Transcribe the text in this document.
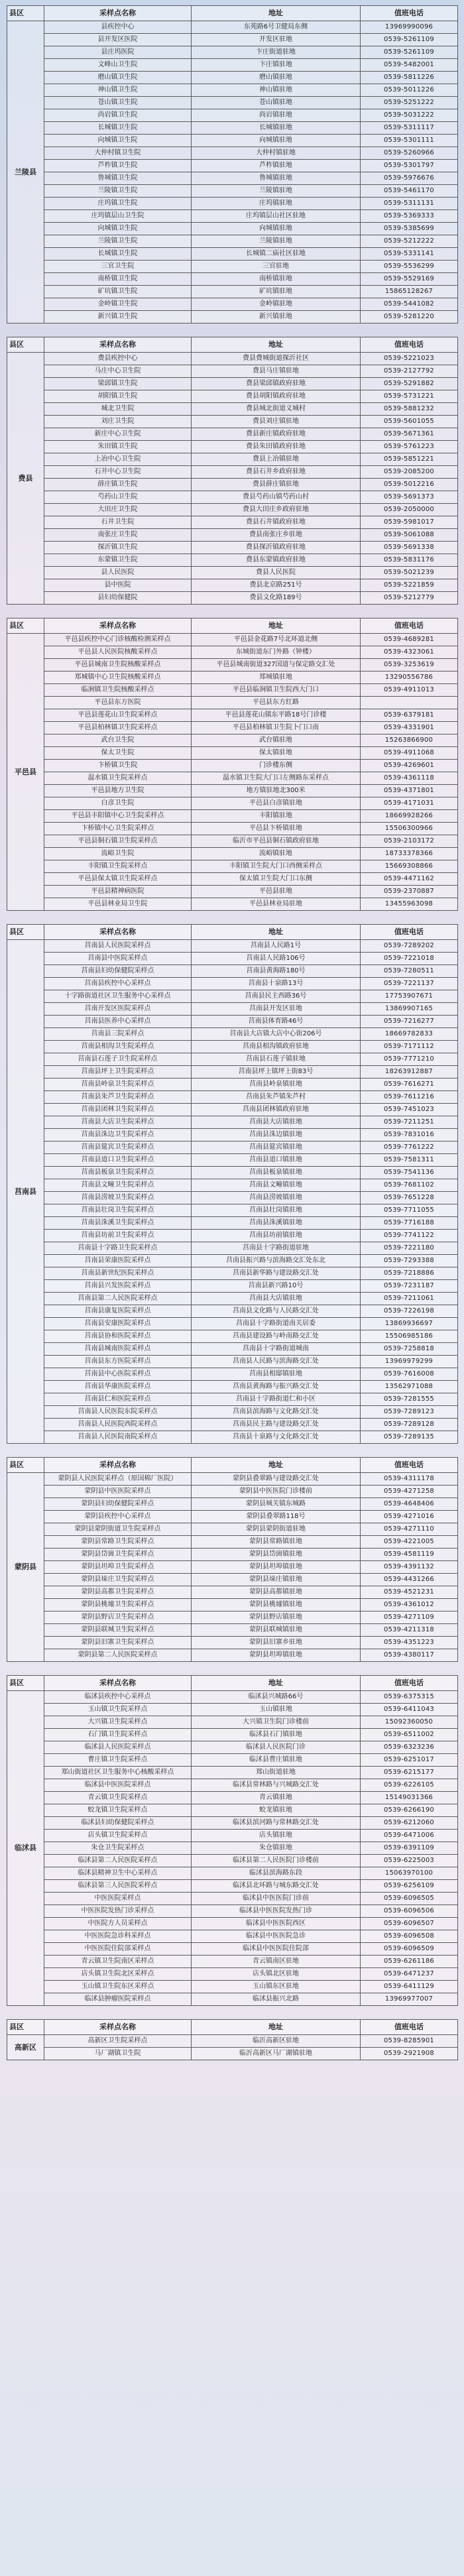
县区	采样点名称	地址	值班电话
兰陵县	县疾控中心	东苑路6号卫健局东侧	13969990096
	县开发区医院	开发区驻地	0539-5261109
	县庄坞医院	卞庄街道驻地	0539-5261109
	文峰山卫生院	卞庄镇驻地	0539-5482001
	磨山镇卫生院	磨山镇驻地	0539-5811226
	神山镇卫生院	神山镇驻地	0539-5011226
	苍山镇卫生院	苍山镇驻地	0539-5251222
	尚岩镇卫生院	尚岩镇驻地	0539-5031222
	长城镇卫生院	长城镇驻地	0539-5311117
	向城镇卫生院	向城镇驻地	0539-5301111
	大仲村镇卫生院	大仲村镇驻地	0539-5260966
	芦柞镇卫生院	芦柞镇驻地	0539-5301797
	鲁城镇卫生院	鲁城镇驻地	0539-5976676
	兰陵镇卫生院	兰陵镇驻地	0539-5461170
	庄坞镇卫生院	庄坞镇驻地	0539-5311131
	庄坞镇层山卫生院	庄坞镇层山社区驻地	0539-5369333
	向城镇卫生院	向城镇驻地	0539-5385699
	兰陵镇卫生院	兰陵镇驻地	0539-5212222
	长城镇卫生院	长城镇二庙社区驻地	0539-5331141
	三官卫生院	三官驻地	0539-5536299
	南桥镇卫生院	南桥镇驻地	0539-5529169
	矿坑镇卫生院	矿坑镇驻地	15865128267
	金岭镇卫生院	金岭镇驻地	0539-5441082
	新兴镇卫生院	新兴镇驻地	0539-5281220
县区	采样点名称	地址	值班电话
费县	费县疾控中心	费县费城街道探沂社区	0539-5221023
	马庄中心卫生院	费县马庄镇驻地	0539-2127792
	梁邱镇卫生院	费县梁邱镇政府驻地	0539-5291882
	胡阳镇卫生院	费县胡阳镇政府驻地	0539-5731221
	城北卫生院	费县城北街道义城村	0539-5881232
	刘庄卫生院	费县刘庄镇驻地	0539-5601055
	新庄中心卫生院	费县新庄镇政府驻地	0539-5671361
	朱田镇卫生院	费县朱田镇政府驻地	0539-5761223
	上冶中心卫生院	费县上冶镇驻地	0539-5851221
	石井中心卫生院	费县石井乡政府驻地	0539-2085200
	薛庄镇卫生院	费县薛庄镇驻地	0539-5012216
	芍药山卫生院	费县芍药山镇芍药山村	0539-5691373
	大田庄卫生院	费县大田庄乡政府驻地	0539-2050000
	石井卫生院	费县石井镇政府驻地	0539-5981017
	南张庄卫生院	费县南张庄乡驻地	0539-5061088
	探沂镇卫生院	费县探沂镇政府驻地	0539-5691338
	东蒙镇卫生院	费县东蒙镇政府驻地	0539-5831176
	县人民医院	费县人民医院	0539-5021239
	县中医院	费县北京路251号	0539-5221859
	县妇幼保健院	费县文化路189号	0539-5212779
县区	采样点名称	地址	值班电话
平邑县	平邑县疾控中心门诊核酸检测采样点	平邑县金花路7号北环道北侧	0539-4689281
	平邑县人民医院核酸采样点	东城街道东门外路（钟楼）	0539-4323061
	平邑县城南卫生院核酸采样点	平邑县城南街道327国道与保定路交汇处	0539-3253619
	郑城镇中心卫生院核酸采样点	郑城镇驻地	13290556786
	临涧镇卫生院核酸采样点	平邑县临涧镇卫生院西大门口	0539-4911013
	平邑县东方医院	平邑县东方红路	
	平邑县莲花山卫生院采样点	平邑县莲花山镇东平路18号门诊楼	0539-6379181
	平邑县柏林镇卫生院采样点	平邑县柏林镇卫生院卜门口南	0539-4331901
	武台卫生院	武台镇驻地	15263866900
	保太卫生院	保太镇驻地	0539-4911068
	卞桥镇卫生院	门诊楼东侧	0539-4269601
	温水镇卫生院采样点	温水镇卫生院大门口左侧路东采样点	0539-4361118
	平邑县地方卫生院	地方镇驻地北300米	0539-4371801
	白彦卫生院	平邑县白彦镇驻地	0539-4171031
	平邑县丰阳镇中心卫生院采样点	丰阳镇驻地	18669928266
	卞桥镇中心卫生院采样点	平邑县卞桥镇驻地	15506300966
	平邑县铜石镇卫生院采样点	临沂市平邑县铜石镇政府驻地	0539-2103172
	流峪卫生院	流峪镇驻地	18733378366
	丰阳镇卫生院采样点	丰阳镇卫生院大门口西侧采样点	15669308866
	平邑县保太镇卫生院采样点	保太镇卫生院大门口东侧	0539-4471162
	平邑县精神病医院	平邑县驻地	0539-2370887
	平邑县林业局卫生院	平邑县林业局驻地	13455963098
县区	采样点名称	地址	值班电话
莒南县	莒南县人民医院采样点	莒南县人民路1号	0539-7289202
	莒南县中医院采样点	莒南县人民路106号	0539-7221018
	莒南县妇幼保健院采样点	莒南县黄海路180号	0539-7280511
	莒南县疾控中心采样点	莒南县十泉路13号	0539-7221137
	十字路街道社区卫生服务中心采样点	莒南县民主西路36号	17753907671
	莒南开发区医院采样点	莒南县开发区驻地	13869907165
	莒南县医养中心采样点	莒南县体育路46号	0539-7216277
	莒南县三院采样点	莒南县大店镇大店中心街206号	18669782833
	莒南县相沟卫生院采样点	莒南县相沟镇政府驻地	0539-7171112
	莒南县石莲子卫生院采样点	莒南县石莲子镇驻地	0539-7771210
	莒南县坪上卫生院采样点	莒南县坪上镇坪上街83号	18263912887
	莒南县岭泉卫生院采样点	莒南县岭泉镇驻地	0539-7616271
	莒南县朱芦卫生院采样点	莒南县朱芦镇朱芦村	0539-7611216
	莒南县团林卫生院采样点	莒南县团林镇政府驻地	0539-7451023
	莒南县大店卫生院采样点	莒南县大店镇驻地	0539-7211251
	莒南县洙边卫生院采样点	莒南县洙边镇驻地	0539-7831016
	莒南县筵宾卫生院采样点	莒南县筵宾镇驻地	0539-7761222
	莒南县道口卫生院采样点	莒南县道口镇驻地	0539-7581311
	莒南县板泉卫生院采样点	莒南县板泉镇驻地	0539-7541136
	莒南县文疃卫生院采样点	莒南县文疃镇驻地	0539-7681102
	莒南县涝坡卫生院采样点	莒南县涝坡镇驻地	0539-7651228
	莒南县壮岗卫生院采样点	莒南县壮岗镇驻地	0539-7711055
	莒南县洙溪卫生院采样点	莒南县洙溪镇驻地	0539-7716188
	莒南县坊前卫生院采样点	莒南县坊前镇驻地	0539-7741122
	莒南县十字路卫生院采样点	莒南县十字路街道驻地	0539-7221180
	莒南县荣康医院采样点	莒南县振兴路与滨海路交汇处东北	0539-7293388
	莒南县新世纪医院采样点	莒南县新华路与建设路交汇处	0539-7218886
	莒南县兴发医院采样点	莒南县新兴路10号	0539-7231187
	莒南县第二人民医院采样点	莒南县大店镇驻地	0539-7211061
	莒南县康复医院采样点	莒南县文化路与人民路交汇处	0539-7226198
	莒南县安康医院采样点	莒南县十字路街道南关居委	13869936697
	莒南县协和医院采样点	莒南县建设路与岭南路交汇处	15506985186
	莒南县城南医院采样点	莒南县十字路街道城南	0539-7258818
	莒南县东方医院采样点	莒南县人民路与滨海路交汇处	13969979299
	莒南县中心医院采样点	莒南县相邸镇驻地	0539-7616008
	莒南县华康医院采样点	莒南县黄海路与振兴路交汇处	13562971088
	莒南县仁和医院采样点	莒南县十字路街道仁和小区	0539-7281555
	莒南县人民医院东院采样点	莒南县滨海路与文化路交汇处	0539-7289123
	莒南县人民医院西院采样点	莒南县民主路与建设路交汇处	0539-7289128
	莒南县人民医院南院采样点	莒南县十泉路与文化路交汇处	0539-7289135
县区	采样点名称	地址	值班电话
蒙阴县	蒙阴县人民医院采样点（原国棉厂医院）	蒙阴县叠翠路与建设路交汇处	0539-4311178
	蒙阴县中医医院采样点	蒙阴县中医医院门诊楼前	0539-4271258
	蒙阴县妇幼保健院采样点	蒙阴县城关镇东城路	0539-4648406
	蒙阴县疾控中心采样点	蒙阴县叠翠路118号	0539-4271016
	蒙阴县蒙阴街道卫生院采样点	蒙阴县蒙阴街道驻地	0539-4271110
	蒙阴县常路卫生院采样点	蒙阴县常路镇驻地	0539-4221005
	蒙阴县岱崮卫生院采样点	蒙阴县岱崮镇驻地	0539-4581119
	蒙阴县坦埠卫生院采样点	蒙阴县坦埠镇驻地	0539-4391132
	蒙阴县垛庄卫生院采样点	蒙阴县垛庄镇驻地	0539-4431266
	蒙阴县高都卫生院采样点	蒙阴县高都镇驻地	0539-4521231
	蒙阴县桃墟卫生院采样点	蒙阴县桃墟镇驻地	0539-4361012
	蒙阴县野店卫生院采样点	蒙阴县野店镇驻地	0539-4271109
	蒙阴县联城卫生院采样点	蒙阴县联城镇驻地	0539-4211318
	蒙阴县旧寨卫生院采样点	蒙阴县旧寨乡驻地	0539-4351223
	蒙阴县第二人民医院采样点	蒙阴县坦埠镇驻地	0539-4380117
县区	采样点名称	地址	值班电话
临沭县	临沭县疾控中心采样点	临沭县兴城路66号	0539-6375315
	玉山镇卫生院采样点	玉山镇驻地	0539-6411043
	大兴镇卫生院采样点	大兴镇卫生院门诊楼前	15092360050
	石门镇卫生院采样点	临沭县石门镇驻地	0539-6511002
	临沭县人民医院采样点	临沭县人民医院门诊	0539-6323236
	曹庄镇卫生院采样点	临沭县曹庄镇驻地	0539-6251017
	郑山街道社区卫生服务中心核酸采样点	郑山街道驻地	0539-6215177
	临沭县中医医院采样点	临沭县常林路与兴城路交汇处	0539-6226105
	青云镇卫生院采样点	青云镇驻地	15149031366
	蛟龙镇卫生院采样点	蛟龙镇驻地	0539-6266190
	临沭县妇幼保健院采样点	临沭县滨河路与常林路交汇处	0539-6212060
	店头镇卫生院采样点	店头镇驻地	0539-6471006
	朱仓卫生院采样点	朱仓镇驻地	0539-6391109
	临沭县第二人民医院采样点	临沭县第二人民医院门诊楼前	0539-6225003
	临沭县精神卫生中心采样点	临沭县滨海路东段	15063970100
	临沭县第三人民医院采样点	临沭县北环路与城东路交汇处	0539-6256109
	中医医院采样点	临沭县中医医院门诊前	0539-6096505
	中医医院发热门诊采样点	临沭县中医医院发热门诊	0539-6096506
	中医院方人员采样点	临沭县中医医院西区	0539-6096507
	中医医院急诊科采样点	临沭县中医医院急诊	0539-6096508
	中医医院住院部采样点	临沭县中医医院住院部	0539-6096509
	青云镇卫生院南区采样点	青云镇南区驻地	0539-6261186
	店头镇卫生院北区采样点	店头镇北区驻地	0539-6471237
	玉山镇卫生院东区采样点	玉山镇东区驻地	0539-6411129
	临沭县肿瘤医院采样点	临沭县振兴北路	13969977007
县区	采样点名称	地址	值班电话
高新区	高新区卫生院采样点	临沂高新区驻地	0539-8285901
	马厂湖镇卫生院	临沂高新区马厂湖镇驻地	0539-2921908
